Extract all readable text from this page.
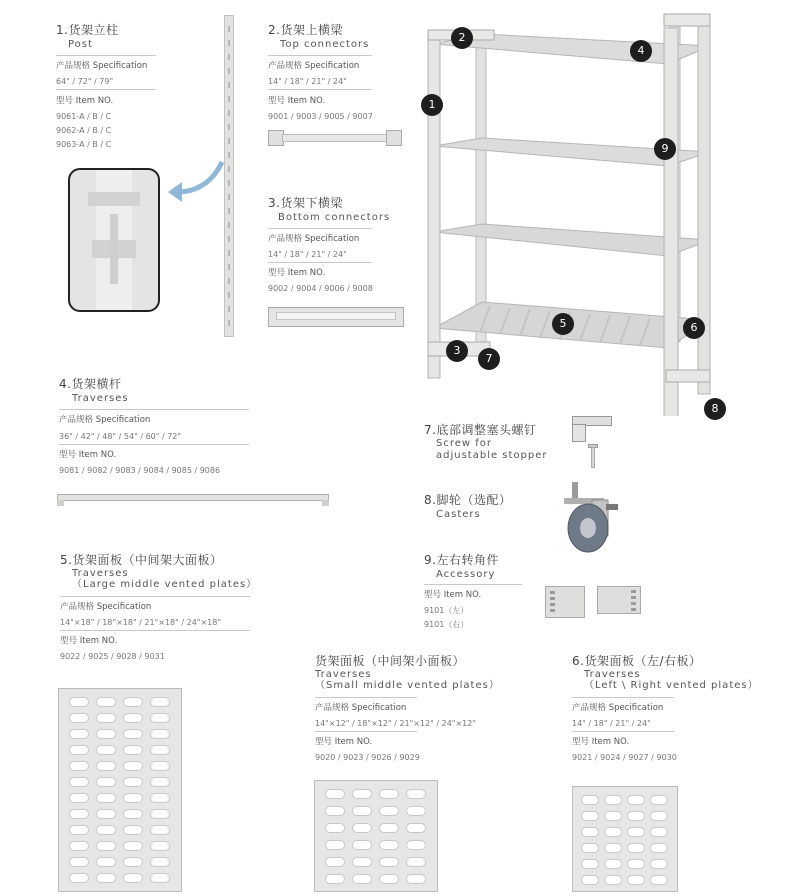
1.货架立柱
Post
产品规格 Specification
64" / 72" / 79"
型号 Item NO.
9061-A / B / C
9062-A / B / C
9063-A / B / C
2.货架上横梁
Top connectors
产品规格 Specification
14" / 18" / 21" / 24"
型号 Item NO.
9001 / 9003 / 9005 / 9007
3.货架下横梁
Bottom connectors
产品规格 Specification
14" / 18" / 21" / 24"
型号 Item NO.
9002 / 9004 / 9006 / 9008
1
2
3
4
5	6
7
8
9
4.货架横杆
Traverses
产品规格 Specification
36" / 42" / 48" / 54" / 60" / 72"
型号 Item NO.
9081 / 9082 / 9083 / 9084 / 9085 / 9086
7.底部调整塞头螺钉
Screw for
adjustable stopper
8.脚轮（选配）
Casters
9.左右转角件
Accessory
型号 Item NO.
9101（左）
9101（右）
5.货架面板（中间架大面板）
Traverses
（Large middle vented plates）
产品规格 Specification
14"×18" / 18"×18" / 21"×18" / 24"×18"
型号 Item NO.
9022 / 9025 / 9028 / 9031	货架面板（中间架小面板）
Traverses
（Small middle vented plates）
产品规格 Specification
14"×12" / 18"×12" / 21"×12" / 24"×12"
型号 Item NO.
9020 / 9023 / 9026 / 9029
6.货架面板（左/右板）
Traverses
（Left \ Right vented plates）
产品规格 Specification
14" / 18" / 21" / 24"
型号 Item NO.
9021 / 9024 / 9027 / 9030
